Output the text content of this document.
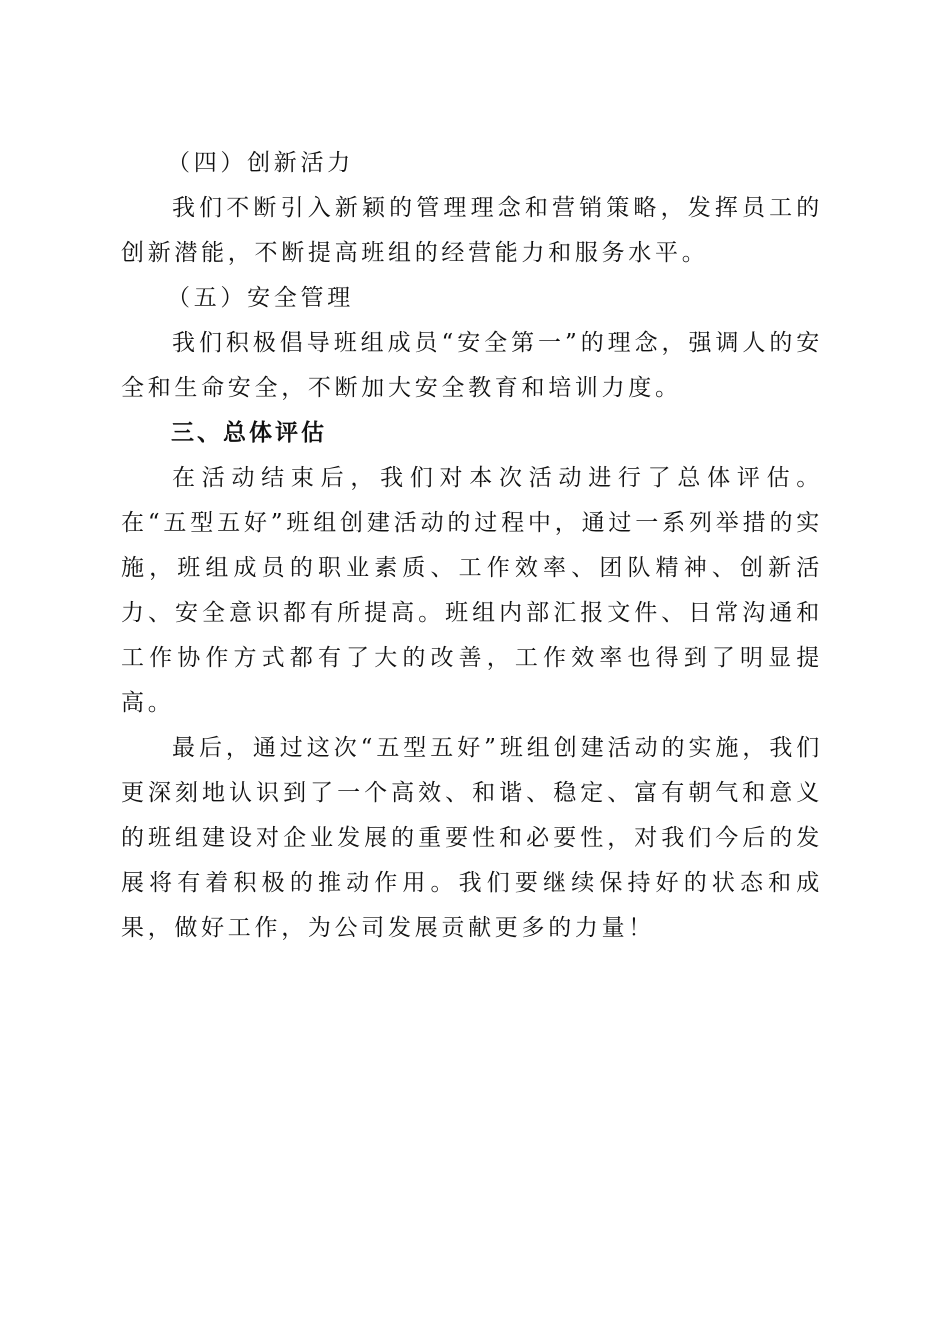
（四）创新活力

我们不断引入新颖的管理理念和营销策略，发挥员工的创新潜能，不断提高班组的经营能力和服务水平。

（五）安全管理

我们积极倡导班组成员“安全第一”的理念，强调人的安全和生命安全，不断加大安全教育和培训力度。

三、总体评估

在活动结束后，我们对本次活动进行了总体评估。在“五型五好”班组创建活动的过程中，通过一系列举措的实施，班组成员的职业素质、工作效率、团队精神、创新活力、安全意识都有所提高。班组内部汇报文件、日常沟通和工作协作方式都有了大的改善，工作效率也得到了明显提高。

最后，通过这次“五型五好”班组创建活动的实施，我们更深刻地认识到了一个高效、和谐、稳定、富有朝气和意义的班组建设对企业发展的重要性和必要性，对我们今后的发展将有着积极的推动作用。我们要继续保持好的状态和成果，做好工作，为公司发展贡献更多的力量！
